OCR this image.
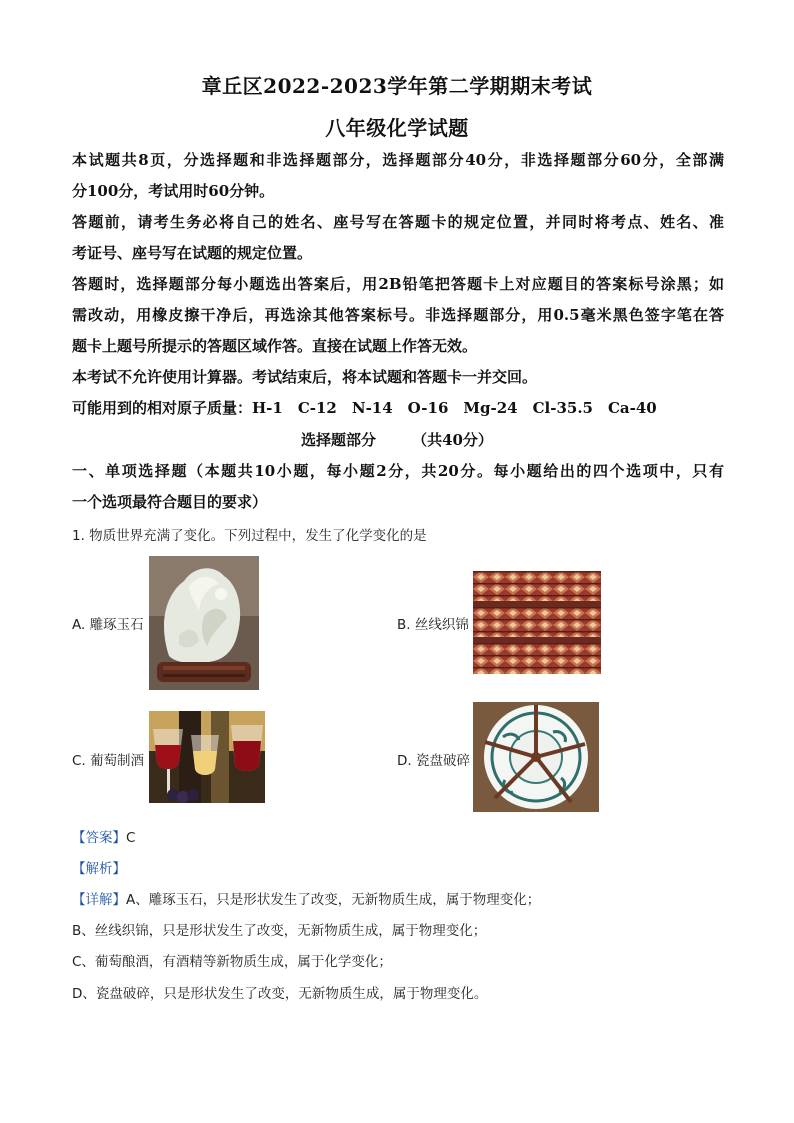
章丘区2022-2023学年第二学期期末考试
八年级化学试题
本试题共8页，分选择题和非选择题部分，选择题部分40分，非选择题部分60分，全部满
分100分，考试用时60分钟。
答题前，请考生务必将自己的姓名、座号写在答题卡的规定位置，并同时将考点、姓名、准
考证号、座号写在试题的规定位置。
答题时，选择题部分每小题选出答案后，用2B铅笔把答题卡上对应题目的答案标号涂黑；如
需改动，用橡皮擦干净后，再选涂其他答案标号。非选择题部分，用0.5毫米黑色签字笔在答
题卡上题号所提示的答题区域作答。直接在试题上作答无效。
本考试不允许使用计算器。考试结束后，将本试题和答题卡一并交回。
可能用到的相对原子质量：H-1　C-12　N-14　O-16　Mg-24　Cl-35.5　Ca-40
选择题部分 （共40分）
一、单项选择题（本题共10小题，每小题2分，共20分。每小题给出的四个选项中，只有
一个选项最符合题目的要求）
1. 物质世界充满了变化。下列过程中，发生了化学变化的是
A. 雕琢玉石	B. 丝线织锦
C. 葡萄制酒	D. 瓷盘破碎
【答案】C
【解析】
【详解】A、雕琢玉石，只是形状发生了改变，无新物质生成，属于物理变化；
B、丝线织锦，只是形状发生了改变，无新物质生成，属于物理变化；
C、葡萄酿酒，有酒精等新物质生成，属于化学变化；
D、瓷盘破碎，只是形状发生了改变，无新物质生成，属于物理变化。
